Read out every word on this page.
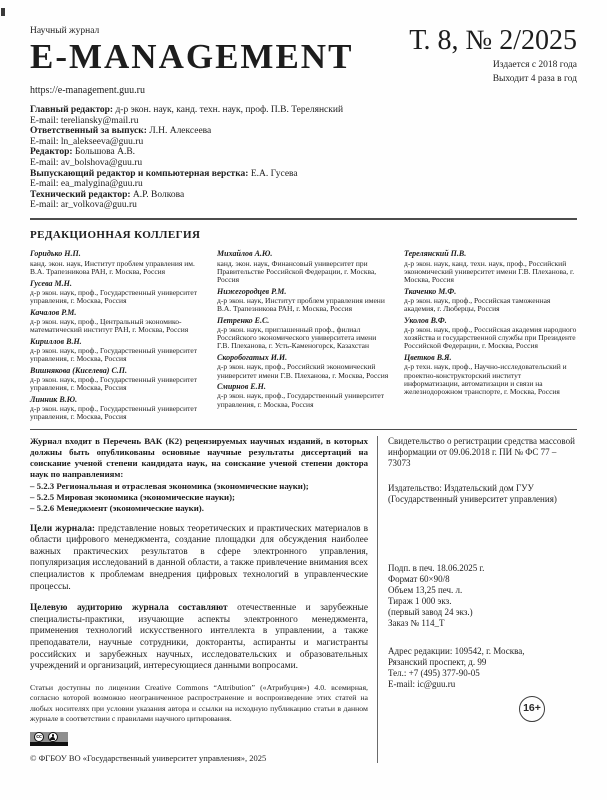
Научный журнал
E-MANAGEMENT
https://e-management.guu.ru
Т. 8, № 2/2025
Издается с 2018 года
Выходит 4 раза в год
Главный редактор: д-р экон. наук, канд. техн. наук, проф. П.В. Терелянский
E-mail: tereliansky@mail.ru
Ответственный за выпуск: Л.Н. Алексеева
E-mail: ln_alekseeva@guu.ru
Редактор: Большова А.В.
E-mail: av_bolshova@guu.ru
Выпускающий редактор и компьютерная верстка: Е.А. Гусева
E-mail: ea_malygina@guu.ru
Технический редактор: А.Р. Волкова
E-mail: ar_volkova@guu.ru
РЕДАКЦИОННАЯ КОЛЛЕГИЯ
Горидько Н.П.
канд. экон. наук, Институт проблем управления им. В.А. Трапезникова РАН, г. Москва, Россия
Гусева М.Н.
д-р экон. наук, проф., Государственный университет управления, г. Москва, Россия
Качалов Р.М.
д-р экон. наук, проф., Центральный экономико-математический институт РАН, г. Москва, Россия
Кириллов В.Н.
д-р экон. наук, проф., Государственный университет управления, г. Москва, Россия
Вишнякова (Киселева) С.П.
д-р экон. наук, проф., Государственный университет управления, г. Москва, Россия
Линник В.Ю.
д-р экон. наук, проф., Государственный университет управления, г. Москва, Россия
Михайлов А.Ю.
канд. экон. наук, Финансовый университет при Правительстве Российской Федерации, г. Москва, Россия
Нижегородцев Р.М.
д-р экон. наук, Институт проблем управления имени В.А. Трапезникова РАН, г. Москва, Россия
Петренко Е.С.
д-р экон. наук, приглашенный проф., филиал Российского экономического университета имени Г.В. Плеханова, г. Усть-Каменогорск, Казахстан
Скоробогатых И.И.
д-р экон. наук, проф., Российский экономический университет имени Г.В. Плеханова, г. Москва, Россия
Смирнов Е.Н.
д-р экон. наук, проф., Государственный университет управления, г. Москва, Россия
Терелянский П.В.
д-р экон. наук, канд. техн. наук, проф., Российский экономический университет имени Г.В. Плеханова, г. Москва, Россия
Ткаченко М.Ф.
д-р экон. наук, проф., Российская таможенная академия, г. Люберцы, Россия
Уколов В.Ф.
д-р экон. наук, проф., Российская академия народного хозяйства и государственной службы при Президенте Российской Федерации, г. Москва, Россия
Цветков В.Я.
д-р техн. наук, проф., Научно-исследовательский и проектно-конструкторский институт информатизации, автоматизации и связи на железнодорожном транспорте, г. Москва, Россия
Журнал входит в Перечень ВАК (К2) рецензируемых научных изданий, в которых должны быть опубликованы основные научные результаты диссертаций на соискание ученой степени кандидата наук, на соискание ученой степени доктора наук по направлениям:
– 5.2.3 Региональная и отраслевая экономика (экономические науки);
– 5.2.5 Мировая экономика (экономические науки);
– 5.2.6 Менеджмент (экономические науки).

Цели журнала: представление новых теоретических и практических материалов в области цифрового менеджмента, создание площадки для обсуждения наиболее важных практических результатов в сфере электронного управления, популяризация исследований в данной области, а также привлечение внимания всех специалистов к проблемам внедрения цифровых технологий в управленческие процессы.

Целевую аудиторию журнала составляют отечественные и зарубежные специалисты-практики, изучающие аспекты электронного менеджмента, применения технологий искусственного интеллекта в управлении, а также преподаватели, научные сотрудники, докторанты, аспиранты и магистранты российских и зарубежных научных, исследовательских и образовательных учреждений и организаций, интересующиеся данными вопросами.

Статьи доступны по лицензии Creative Commons “Attribution” («Атрибуция») 4.0. всемирная, согласно которой возможно неограниченное распространение и воспроизведение этих статей на любых носителях при условии указания автора и ссылки на исходную публикацию статьи в данном журнале в соответствии с правилами научного цитирования.

cc
© ФГБОУ ВО «Государственный университет управления», 2025
Свидетельство о регистрации средства массовой информации от 09.06.2018 г. ПИ № ФС 77 – 73073
Издательство: Издательский дом ГУУ (Государственный университет управления)
Подп. в печ. 18.06.2025 г.
Формат 60×90/8
Объем 13,25 печ. л.
Тираж 1 000 экз.
(первый завод 24 экз.)
Заказ № 114_Т
Адрес редакции: 109542, г. Москва,
Рязанский проспект, д. 99
Тел.: +7 (495) 377-90-05
E-mail: ic@guu.ru
16+
